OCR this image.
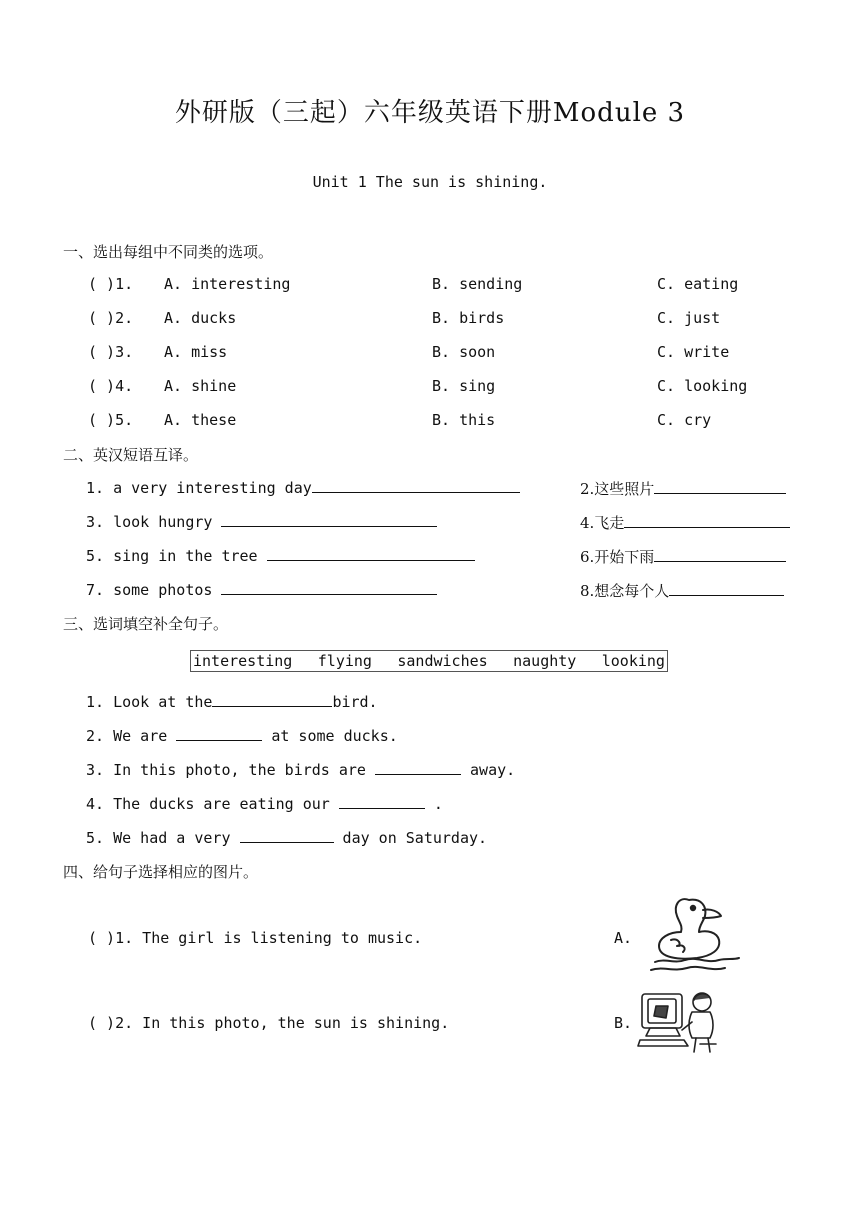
外研版（三起）六年级英语下册Module 3
Unit 1 The sun is shining.
一、选出每组中不同类的选项。
( )1. A. interesting	B. sending	C. eating
( )2. A. ducks	B. birds	C. just
( )3. A. miss	B. soon	C. write
( )4. A. shine	B. sing	C. looking
( )5. A. these	B. this	C. cry
二、英汉短语互译。
1. a very interesting day	2.这些照片
3. look hungry	4.飞走
5. sing in the tree	6.开始下雨
7. some photos	8.想念每个人
三、选词填空补全句子。
interesting flying sandwiches naughty looking
1. Look at the	bird.
2. We are	at some ducks.
3. In this photo, the birds are	away.
4. The ducks are eating our	.
5. We had a very	day on Saturday.
四、给句子选择相应的图片。
( )1. The girl is listening to music.	A.
( )2. In this photo, the sun is shining.	B.
